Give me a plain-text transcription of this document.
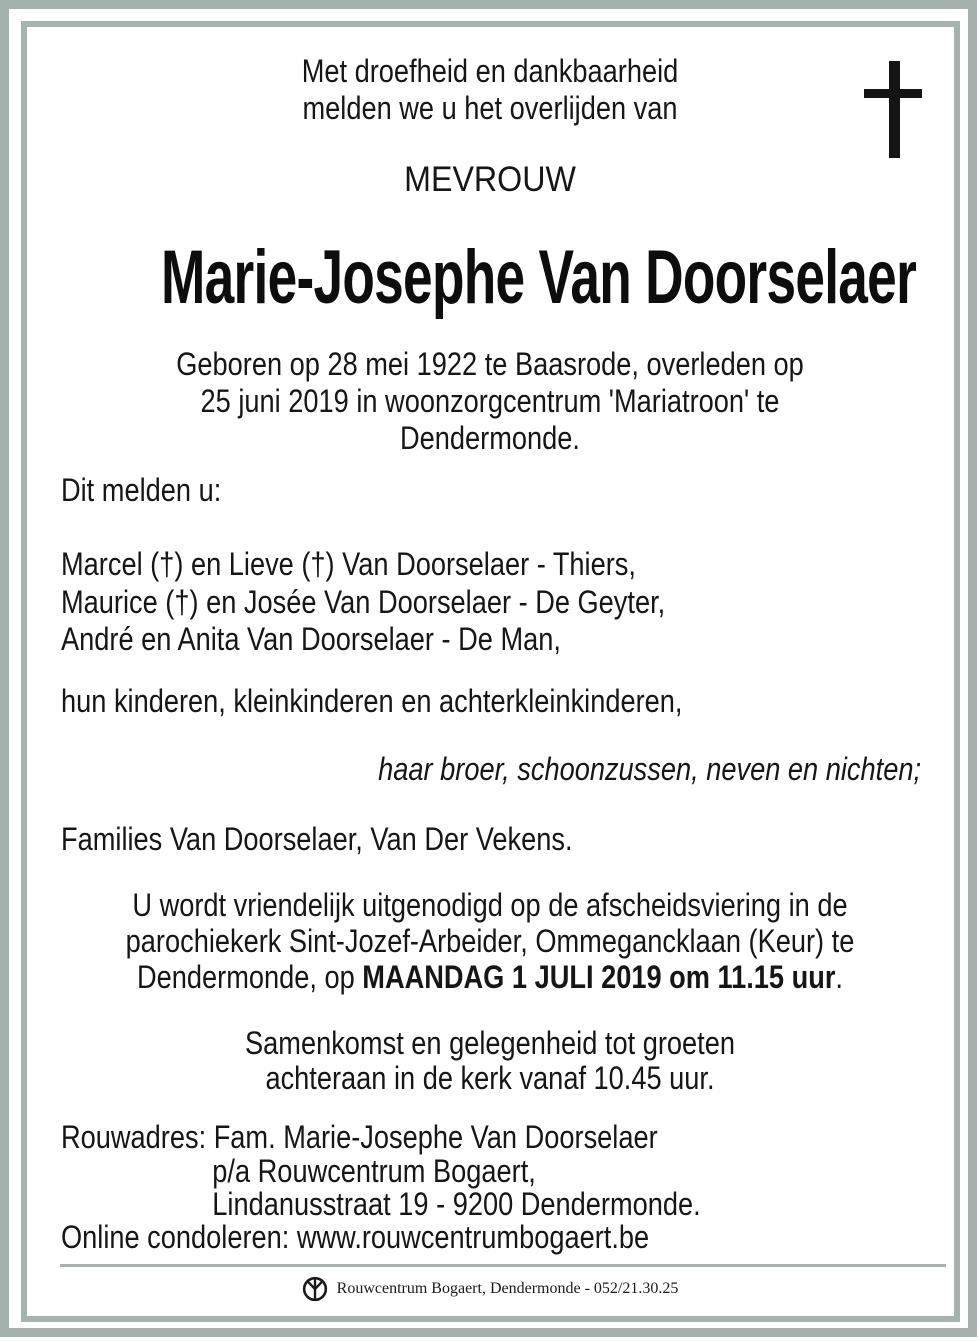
Met droefheid en dankbaarheid
melden we u het overlijden van
MEVROUW
Marie-Josephe Van Doorselaer
Geboren op 28 mei 1922 te Baasrode, overleden op
25 juni 2019 in woonzorgcentrum 'Mariatroon' te
Dendermonde.
Dit melden u:
Marcel (†) en Lieve (†) Van Doorselaer - Thiers,
Maurice (†) en Josée Van Doorselaer - De Geyter,
André en Anita Van Doorselaer - De Man,
hun kinderen, kleinkinderen en achterkleinkinderen,
haar broer, schoonzussen, neven en nichten;
Families Van Doorselaer, Van Der Vekens.
U wordt vriendelijk uitgenodigd op de afscheidsviering in de
parochiekerk Sint-Jozef-Arbeider, Ommegancklaan (Keur) te
Dendermonde, op MAANDAG 1 JULI 2019 om 11.15 uur.
Samenkomst en gelegenheid tot groeten
achteraan in de kerk vanaf 10.45 uur.
Rouwadres: Fam. Marie-Josephe Van Doorselaer
p/a Rouwcentrum Bogaert,
Lindanusstraat 19 - 9200 Dendermonde.
Online condoleren: www.rouwcentrumbogaert.be
Rouwcentrum Bogaert, Dendermonde - 052/21.30.25
